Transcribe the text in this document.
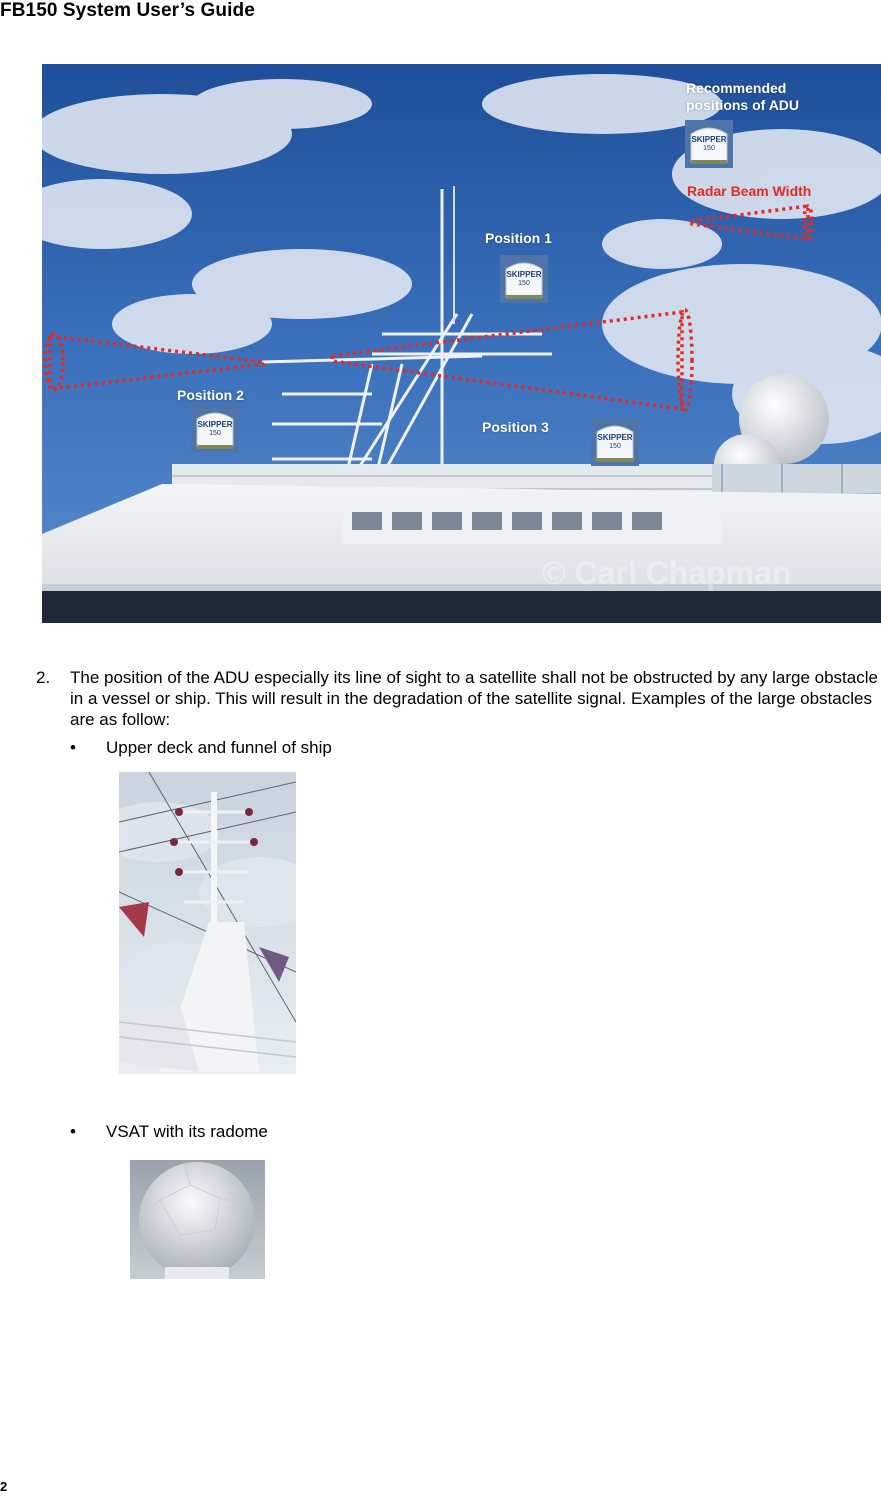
FB150 System User’s Guide
© Carl Chapman
Recommended positions of ADU
Radar Beam Width
Position 1
Position 2
Position 3
SKIPPER
150
SKIPPER
150
SKIPPER
150	SKIPPER
150
2. The position of the ADU especially its line of sight to a satellite shall not be obstructed by any large obstacle in a vessel or ship. This will result in the degradation of the satellite signal. Examples of the large obstacles are as follow:
• Upper deck and funnel of ship
• VSAT with its radome
2
